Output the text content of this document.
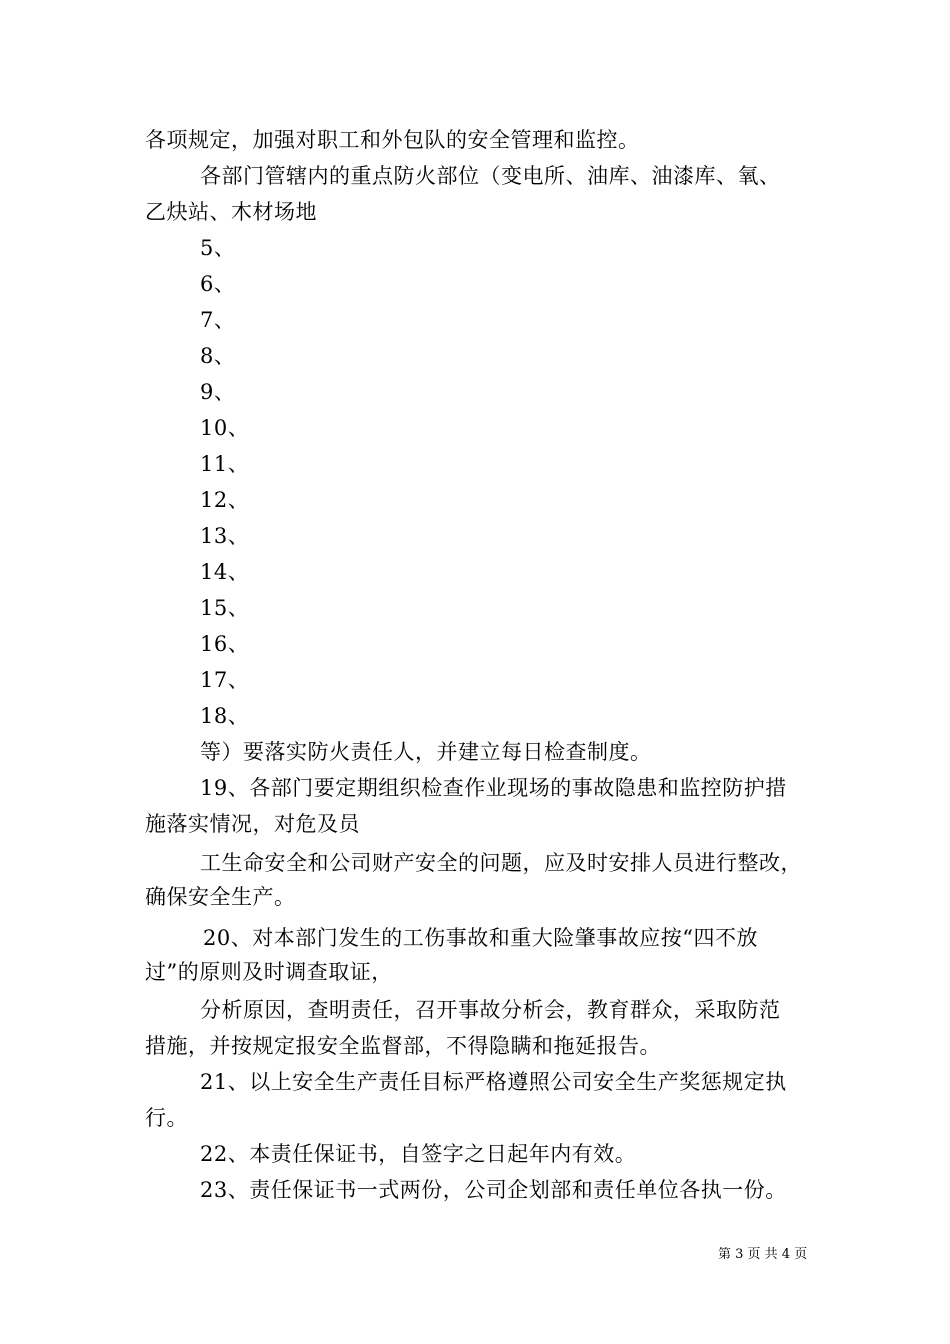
各项规定，加强对职工和外包队的安全管理和监控。
各部门管辖内的重点防火部位（变电所、油库、油漆库、氧、
乙炔站、木材场地
5、
6、
7、
8、
9、
10、
11、
12、
13、
14、
15、
16、
17、
18、
等）要落实防火责任人，并建立每日检查制度。
19、各部门要定期组织检查作业现场的事故隐患和监控防护措
施落实情况，对危及员
工生命安全和公司财产安全的问题，应及时安排人员进行整改，
确保安全生产。
20、对本部门发生的工伤事故和重大险肇事故应按“四不放
过”的原则及时调查取证，
分析原因，查明责任，召开事故分析会，教育群众，采取防范
措施，并按规定报安全监督部，不得隐瞒和拖延报告。
21、以上安全生产责任目标严格遵照公司安全生产奖惩规定执
行。
22、本责任保证书，自签字之日起年内有效。
23、责任保证书一式两份，公司企划部和责任单位各执一份。
第 3 页 共 4 页
